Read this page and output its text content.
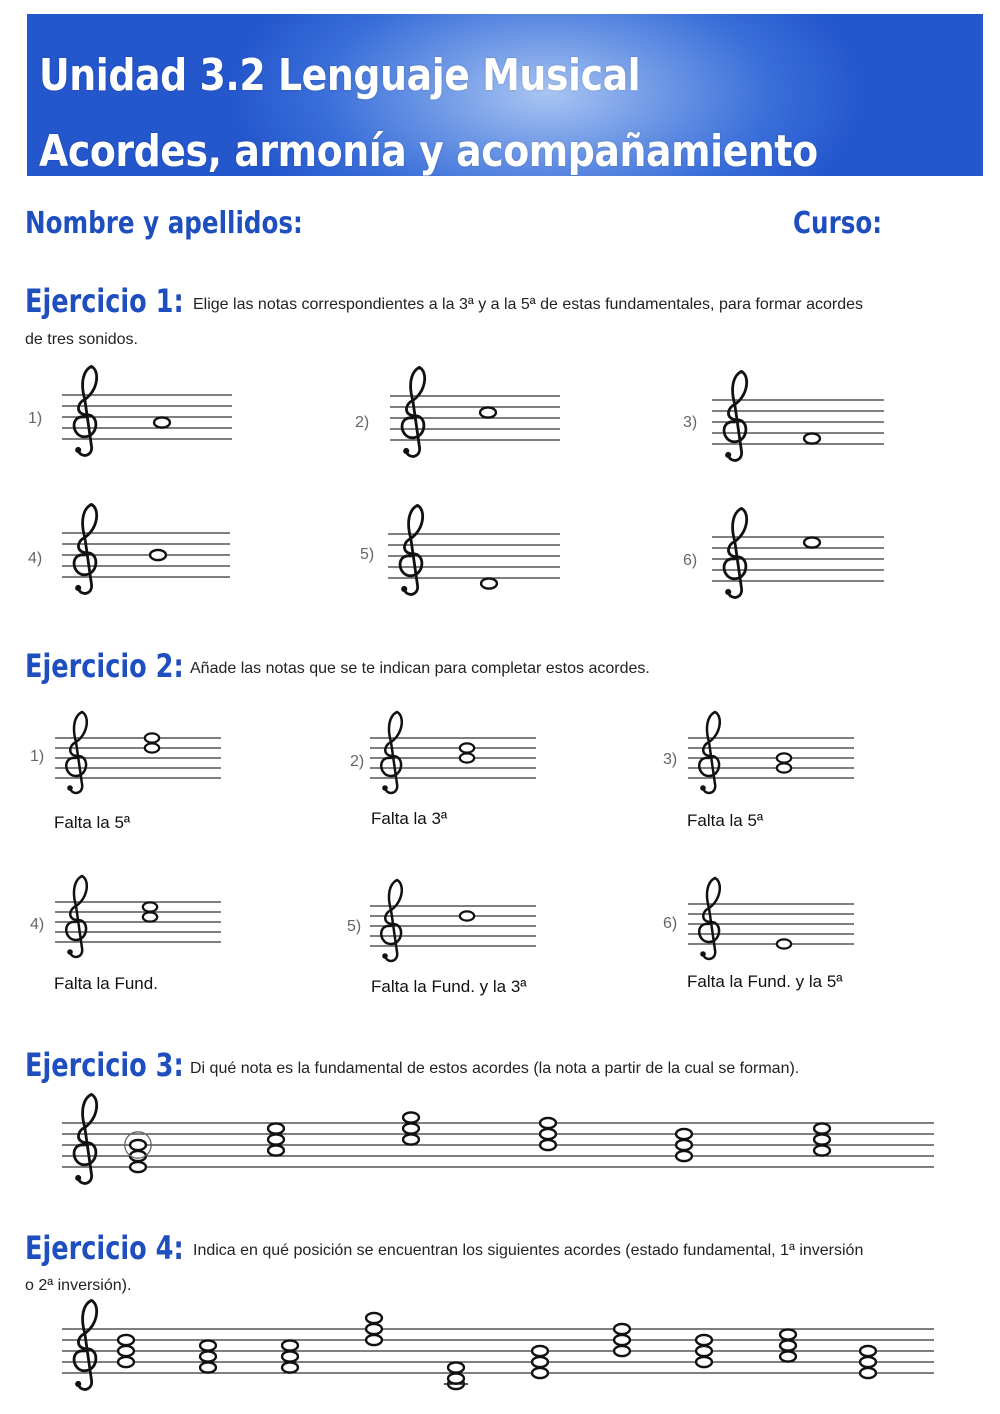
Unidad 3.2 Lenguaje Musical
Acordes, armonía y acompañamiento
Nombre y apellidos:	Curso:
Ejercicio 1: Elige las notas correspondientes a la 3ª y a la 5ª de estas fundamentales, para formar acordes
de tres sonidos.
1)	2)	3)
4)	5)	6)
Ejercicio 2: Añade las notas que se te indican para completar estos acordes.
1)	2)	3)
4)	5)	6)
Falta la 5ª	Falta la 3ª	Falta la 5ª
Falta la Fund.	Falta la Fund. y la 3ª	Falta la Fund. y la 5ª
Ejercicio 3: Di qué nota es la fundamental de estos acordes (la nota a partir de la cual se forman).
Ejercicio 4: Indica en qué posición se encuentran los siguientes acordes (estado fundamental, 1ª inversión
o 2ª inversión).
